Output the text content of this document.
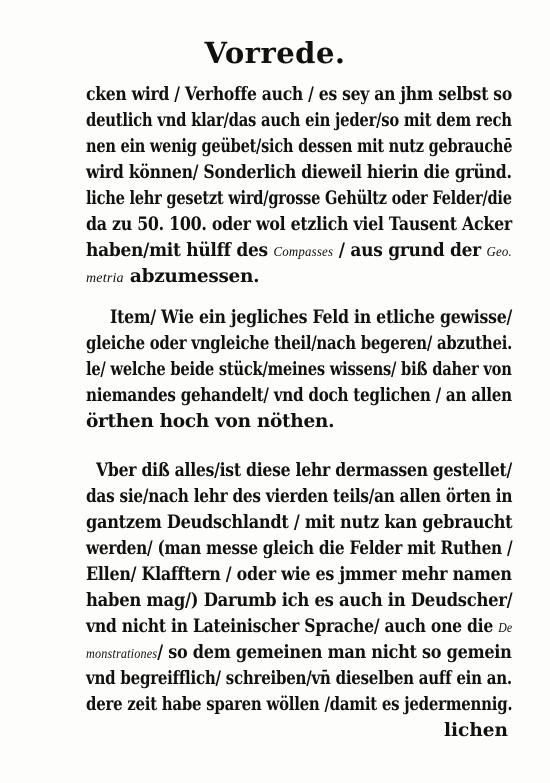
Vorrede.
cken wird / Verhoffe auch / es sey an jhm selbst so
deutlich vnd klar/das auch ein jeder/so mit dem rech
nen ein wenig geübet/sich dessen mit nutz gebrauchē
wird können/ Sonderlich dieweil hierin die gründ.
liche lehr gesetzt wird/grosse Gehültz oder Felder/die
da zu 50. 100. oder wol etzlich viel Tausent Acker
haben/mit hülff des Compasses / aus grund der Geo.
metria abzumessen.
Item/ Wie ein jegliches Feld in etliche gewisse/
gleiche oder vngleiche theil/nach begeren/ abzuthei.
le/ welche beide stück/meines wissens/ biß daher von
niemandes gehandelt/ vnd doch teglichen / an allen
örthen hoch von nöthen.
Vber diß alles/ist diese lehr dermassen gestellet/
das sie/nach lehr des vierden teils/an allen örten in
gantzem Deudschlandt / mit nutz kan gebraucht
werden/ (man messe gleich die Felder mit Ruthen /
Ellen/ Klafftern / oder wie es jmmer mehr namen
haben mag/) Darumb ich es auch in Deudscher/
vnd nicht in Lateinischer Sprache/ auch one die De
monstrationes/ so dem gemeinen man nicht so gemein
vnd begreifflich/ schreiben/vn̄ dieselben auff ein an.
dere zeit habe sparen wöllen /damit es jedermennig.
lichen
